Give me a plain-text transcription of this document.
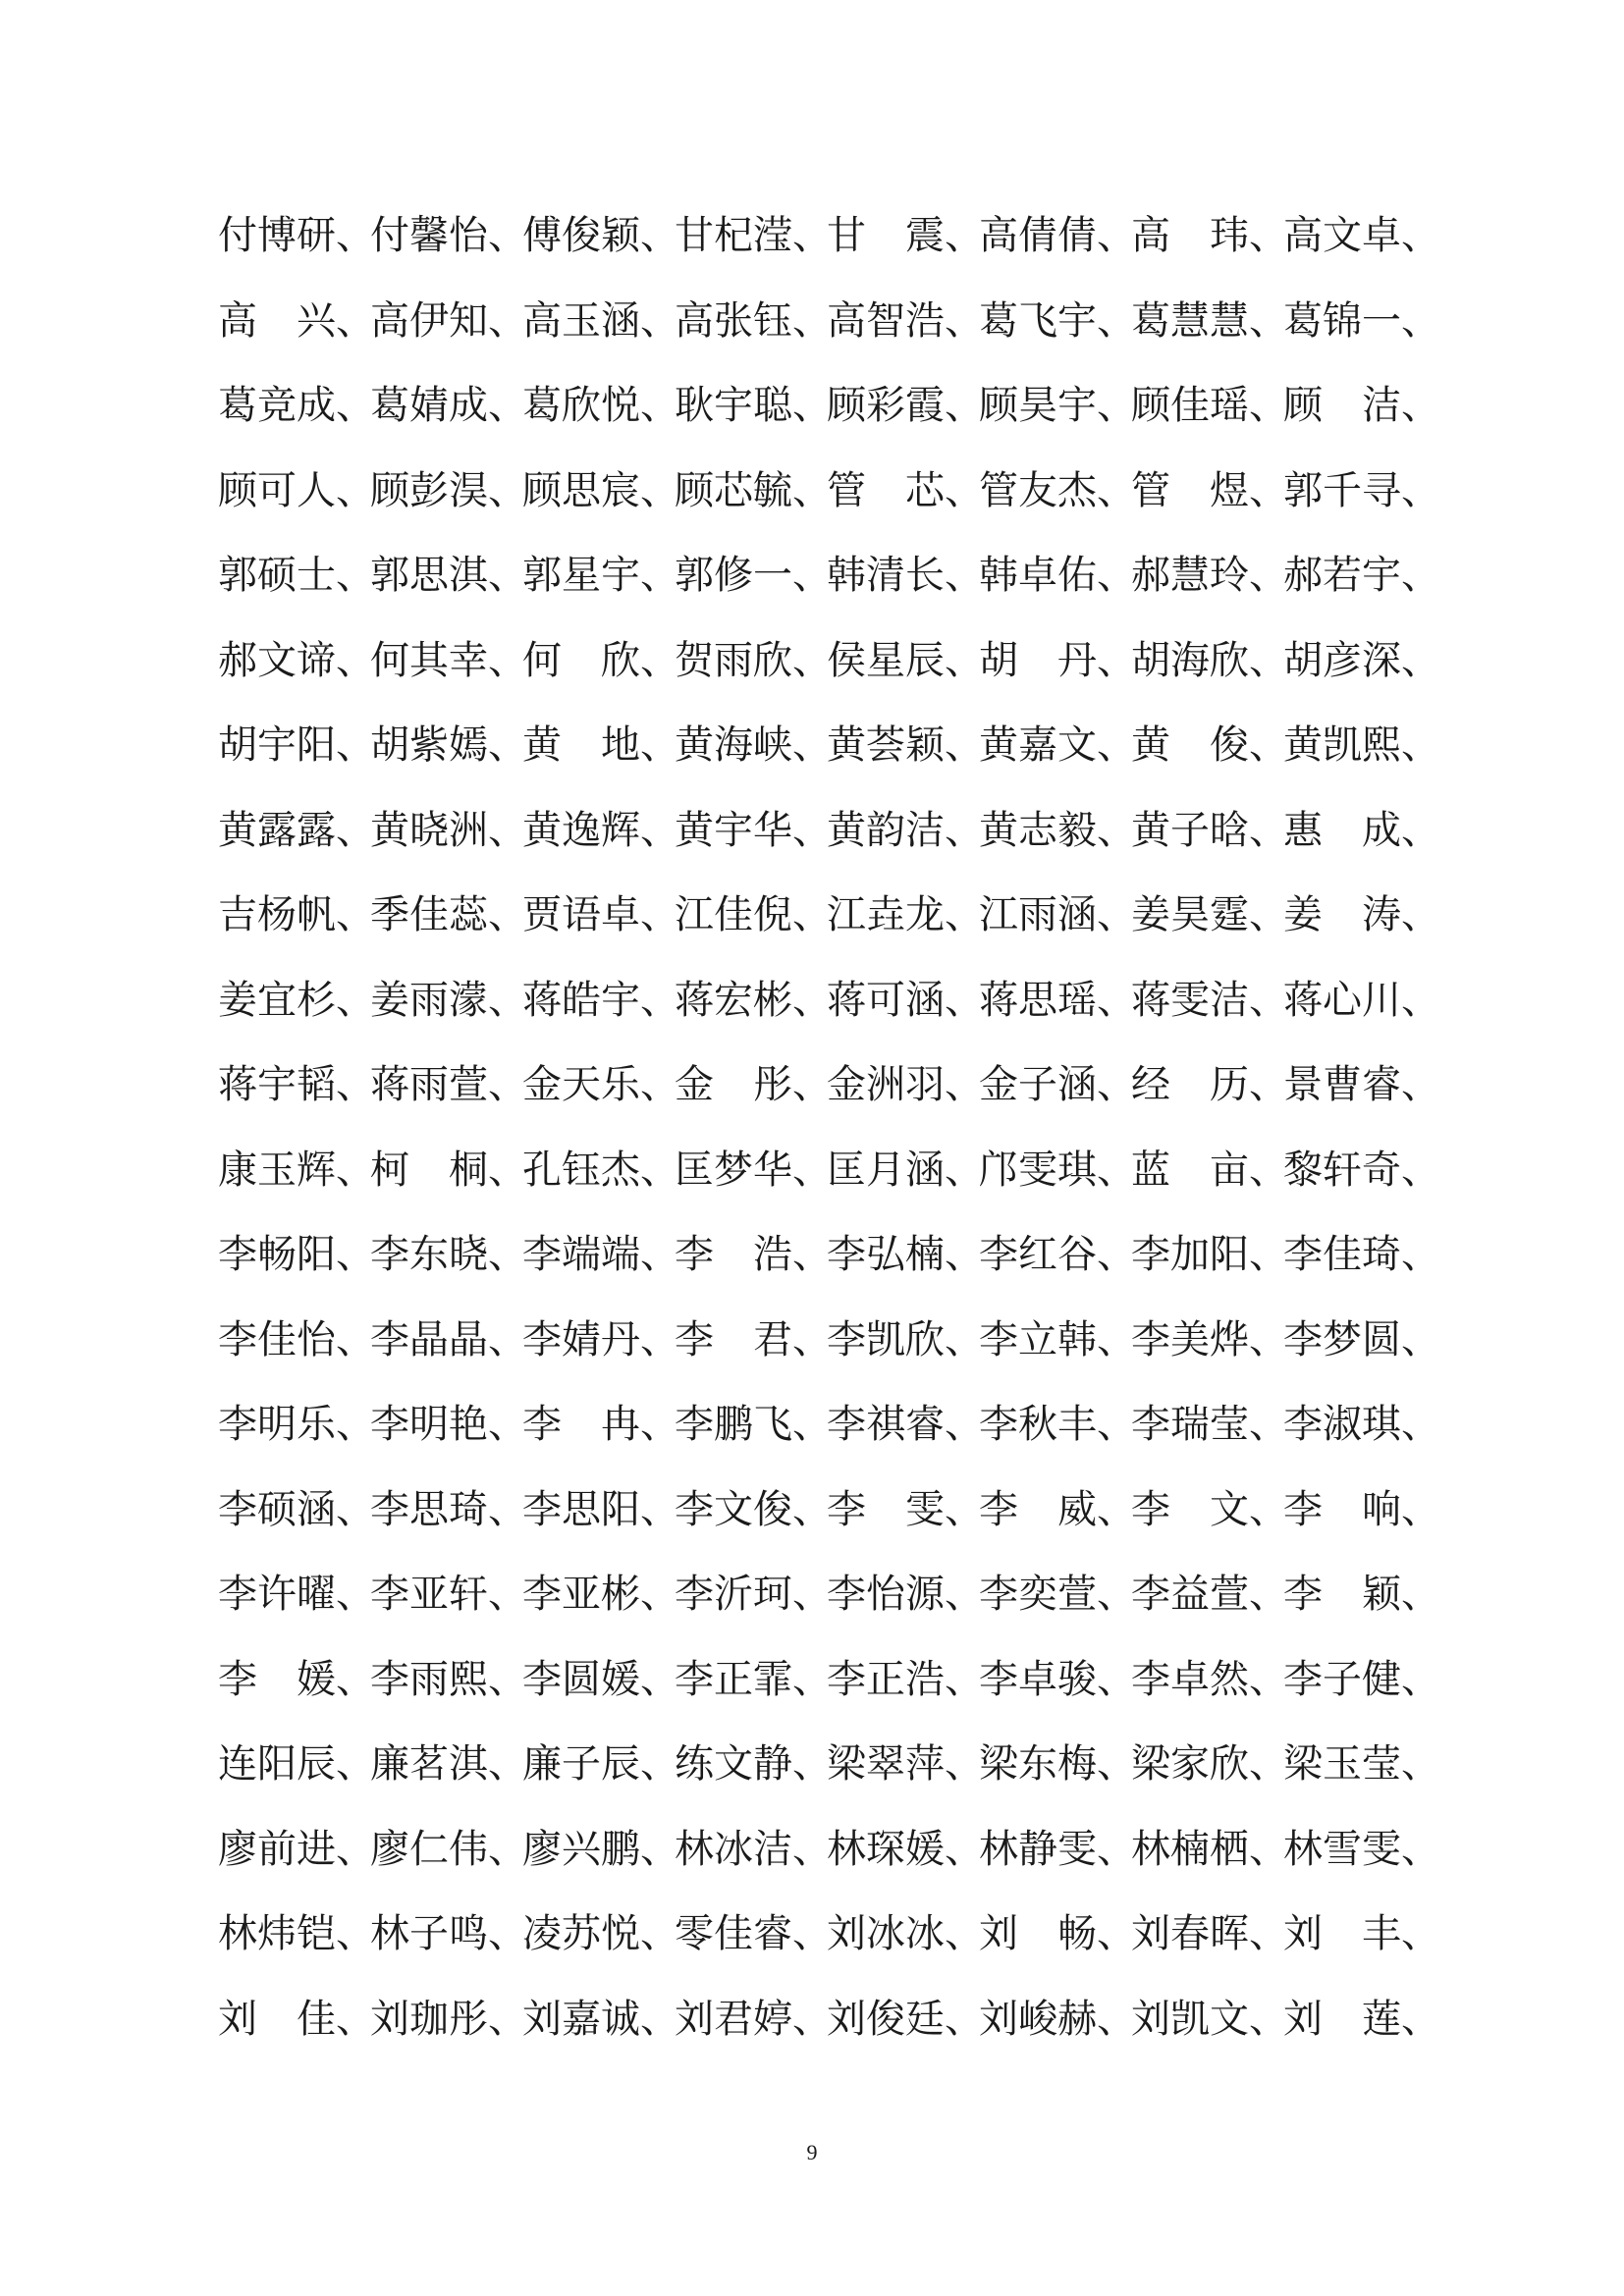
付博研、
付馨怡、
傅俊颖、
甘杞滢、
甘　震、
高倩倩、
高　玮、
高文卓、
高　兴、
高伊知、
高玉涵、
高张钰、
高智浩、
葛飞宇、
葛慧慧、
葛锦一、
葛竞成、
葛婧成、
葛欣悦、
耿宇聪、
顾彩霞、
顾昊宇、
顾佳瑶、
顾　洁、
顾可人、
顾彭淏、
顾思宸、
顾芯毓、
管　芯、
管友杰、
管　煜、
郭千寻、
郭硕士、
郭思淇、
郭星宇、
郭修一、
韩清长、
韩卓佑、
郝慧玲、
郝若宇、
郝文谛、
何其幸、
何　欣、
贺雨欣、
侯星辰、
胡　丹、
胡海欣、
胡彦深、
胡宇阳、
胡紫嫣、
黄　地、
黄海峡、
黄荟颖、
黄嘉文、
黄　俊、
黄凯熙、
黄露露、
黄晓洲、
黄逸辉、
黄宇华、
黄韵洁、
黄志毅、
黄子晗、
惠　成、
吉杨帆、
季佳蕊、
贾语卓、
江佳倪、
江垚龙、
江雨涵、
姜昊霆、
姜　涛、
姜宜杉、
姜雨濛、
蒋皓宇、
蒋宏彬、
蒋可涵、
蒋思瑶、
蒋雯洁、
蒋心川、
蒋宇韬、
蒋雨萱、
金天乐、
金　彤、
金洲羽、
金子涵、
经　历、
景曹睿、
康玉辉、
柯　桐、
孔钰杰、
匡梦华、
匡月涵、
邝雯琪、
蓝　亩、
黎轩奇、
李畅阳、
李东晓、
李端端、
李　浩、
李弘楠、
李红谷、
李加阳、
李佳琦、
李佳怡、
李晶晶、
李婧丹、
李　君、
李凯欣、
李立韩、
李美烨、
李梦圆、
李明乐、
李明艳、
李　冉、
李鹏飞、
李祺睿、
李秋丰、
李瑞莹、
李淑琪、
李硕涵、
李思琦、
李思阳、
李文俊、
李　雯、
李　威、
李　文、
李　响、
李许曜、
李亚轩、
李亚彬、
李沂珂、
李怡源、
李奕萱、
李益萱、
李　颖、
李　媛、
李雨熙、
李圆媛、
李正霏、
李正浩、
李卓骏、
李卓然、
李子健、
连阳辰、
廉茗淇、
廉子辰、
练文静、
梁翠萍、
梁东梅、
梁家欣、
梁玉莹、
廖前进、
廖仁伟、
廖兴鹏、
林冰洁、
林琛媛、
林静雯、
林楠栖、
林雪雯、
林炜铠、
林子鸣、
凌苏悦、
零佳睿、
刘冰冰、
刘　畅、
刘春晖、
刘　丰、
刘　佳、
刘珈彤、
刘嘉诚、
刘君婷、
刘俊廷、
刘峻赫、
刘凯文、
刘　莲、
9
